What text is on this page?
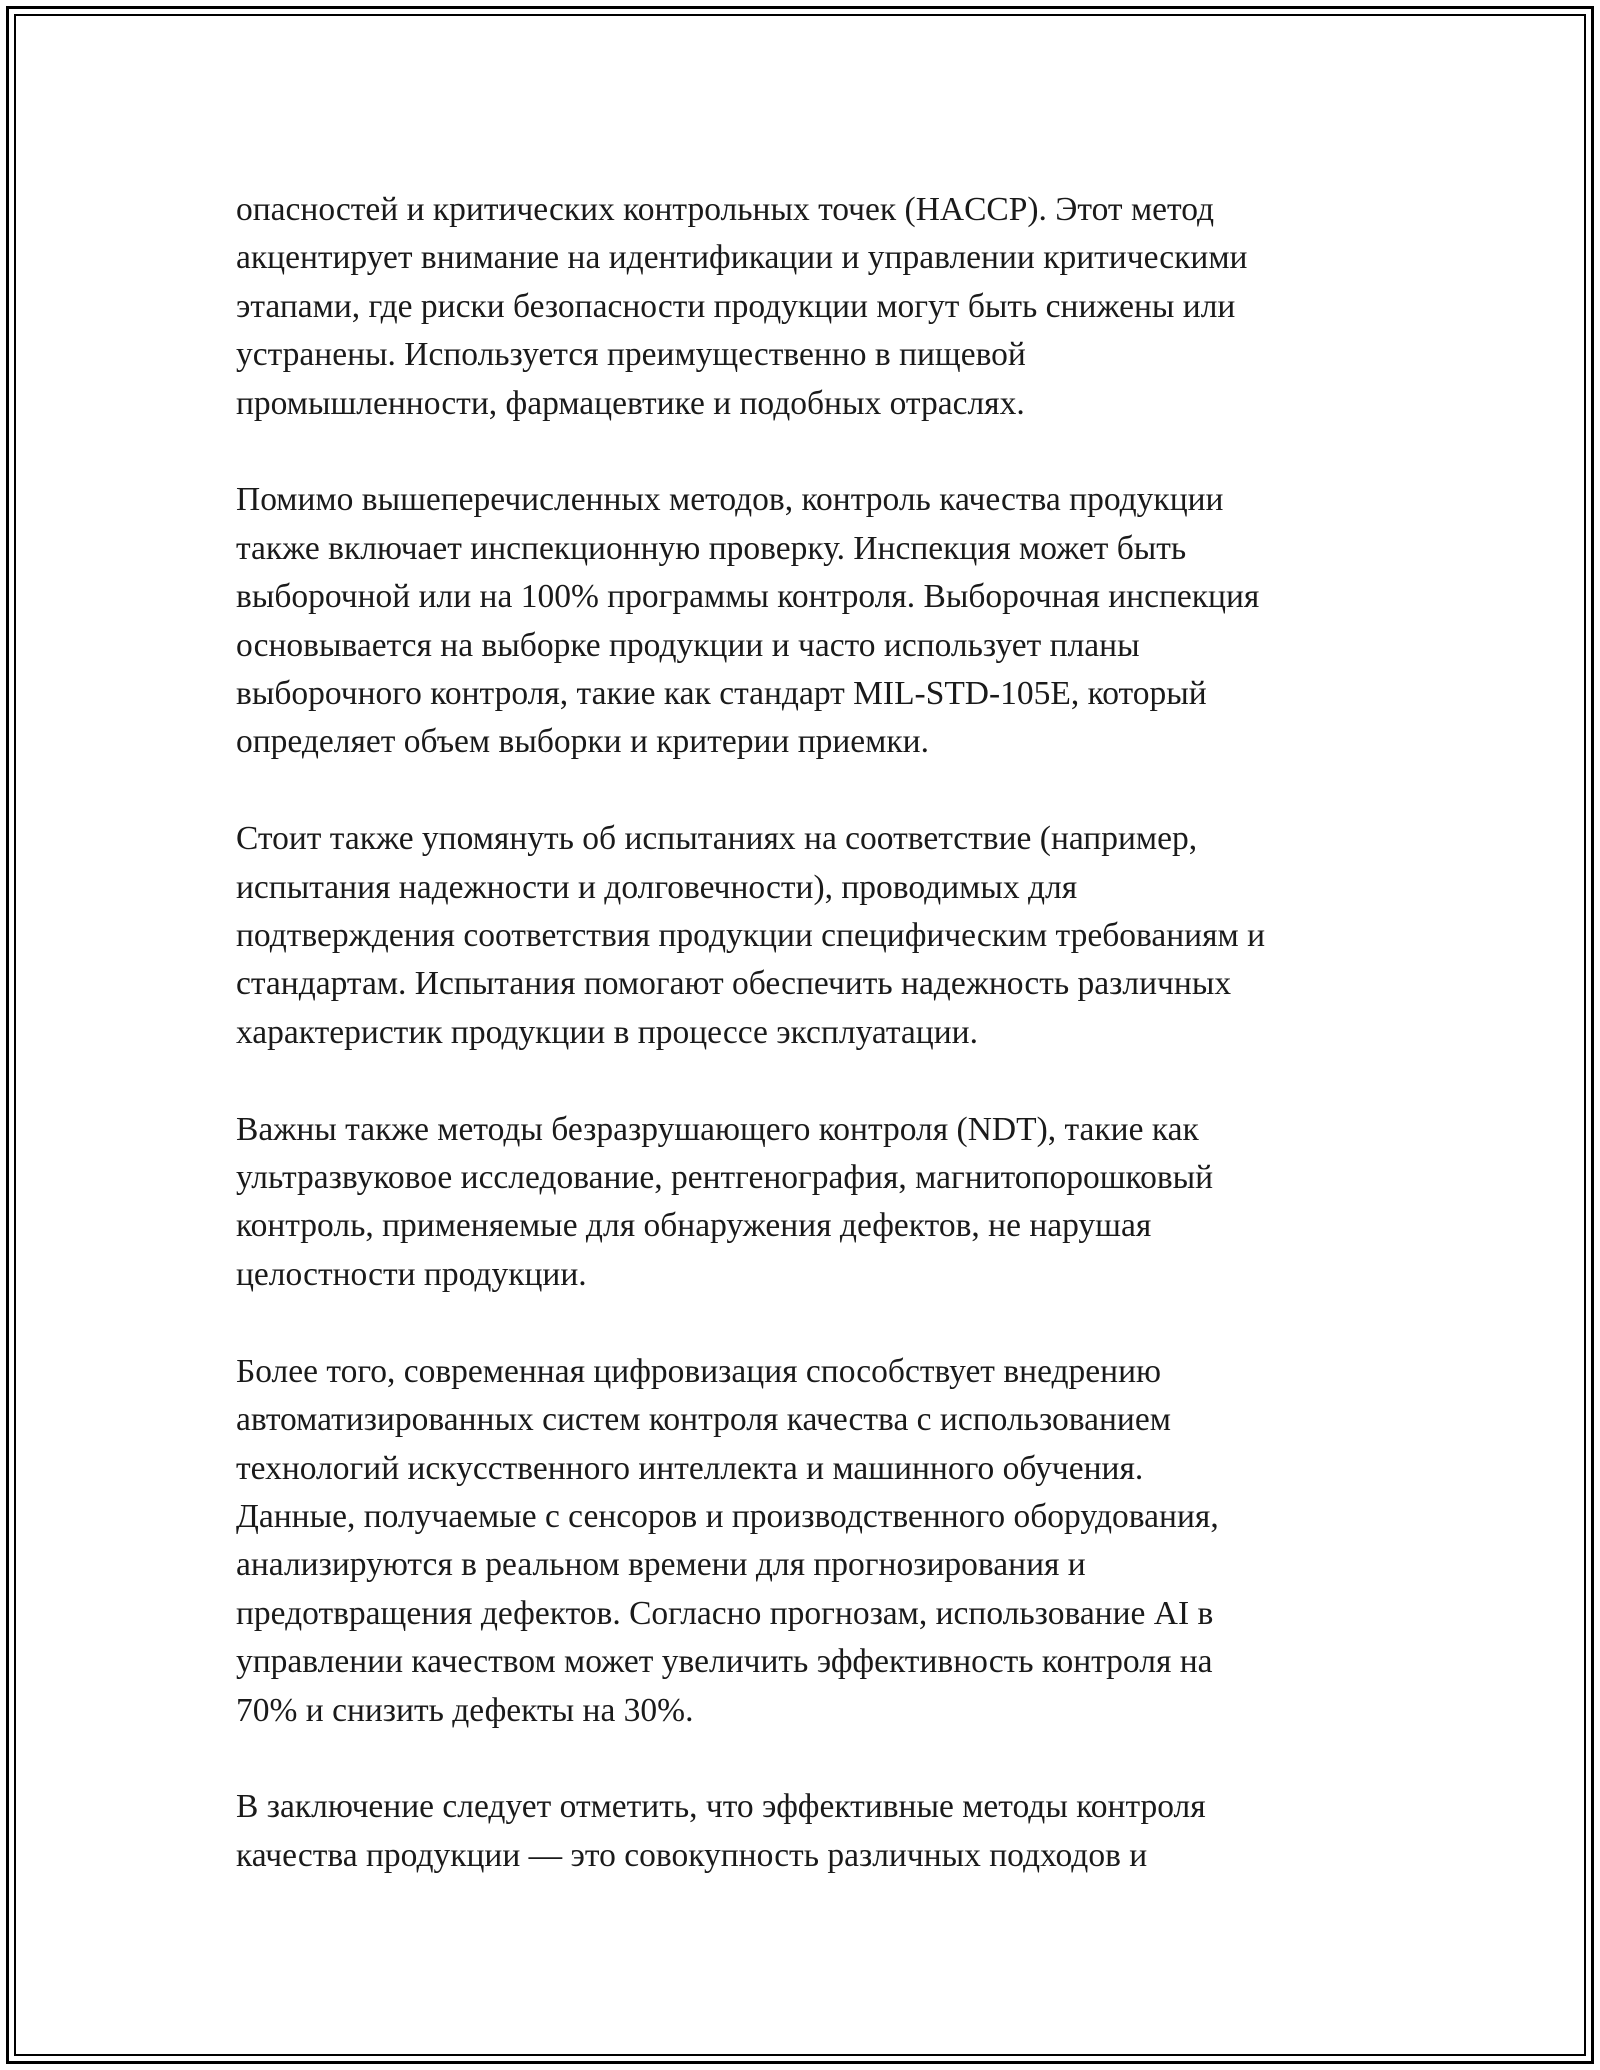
опасностей и критических контрольных точек (HACCP). Этот метод
акцентирует внимание на идентификации и управлении критическими
этапами, где риски безопасности продукции могут быть снижены или
устранены. Используется преимущественно в пищевой
промышленности, фармацевтике и подобных отраслях.

Помимо вышеперечисленных методов, контроль качества продукции
также включает инспекционную проверку. Инспекция может быть
выборочной или на 100% программы контроля. Выборочная инспекция
основывается на выборке продукции и часто использует планы
выборочного контроля, такие как стандарт MIL-STD-105E, который
определяет объем выборки и критерии приемки.

Стоит также упомянуть об испытаниях на соответствие (например,
испытания надежности и долговечности), проводимых для
подтверждения соответствия продукции специфическим требованиям и
стандартам. Испытания помогают обеспечить надежность различных
характеристик продукции в процессе эксплуатации.

Важны также методы безразрушающего контроля (NDT), такие как
ультразвуковое исследование, рентгенография, магнитопорошковый
контроль, применяемые для обнаружения дефектов, не нарушая
целостности продукции.

Более того, современная цифровизация способствует внедрению
автоматизированных систем контроля качества с использованием
технологий искусственного интеллекта и машинного обучения.
Данные, получаемые с сенсоров и производственного оборудования,
анализируются в реальном времени для прогнозирования и
предотвращения дефектов. Согласно прогнозам, использование AI в
управлении качеством может увеличить эффективность контроля на
70% и снизить дефекты на 30%.

В заключение следует отметить, что эффективные методы контроля
качества продукции — это совокупность различных подходов и
